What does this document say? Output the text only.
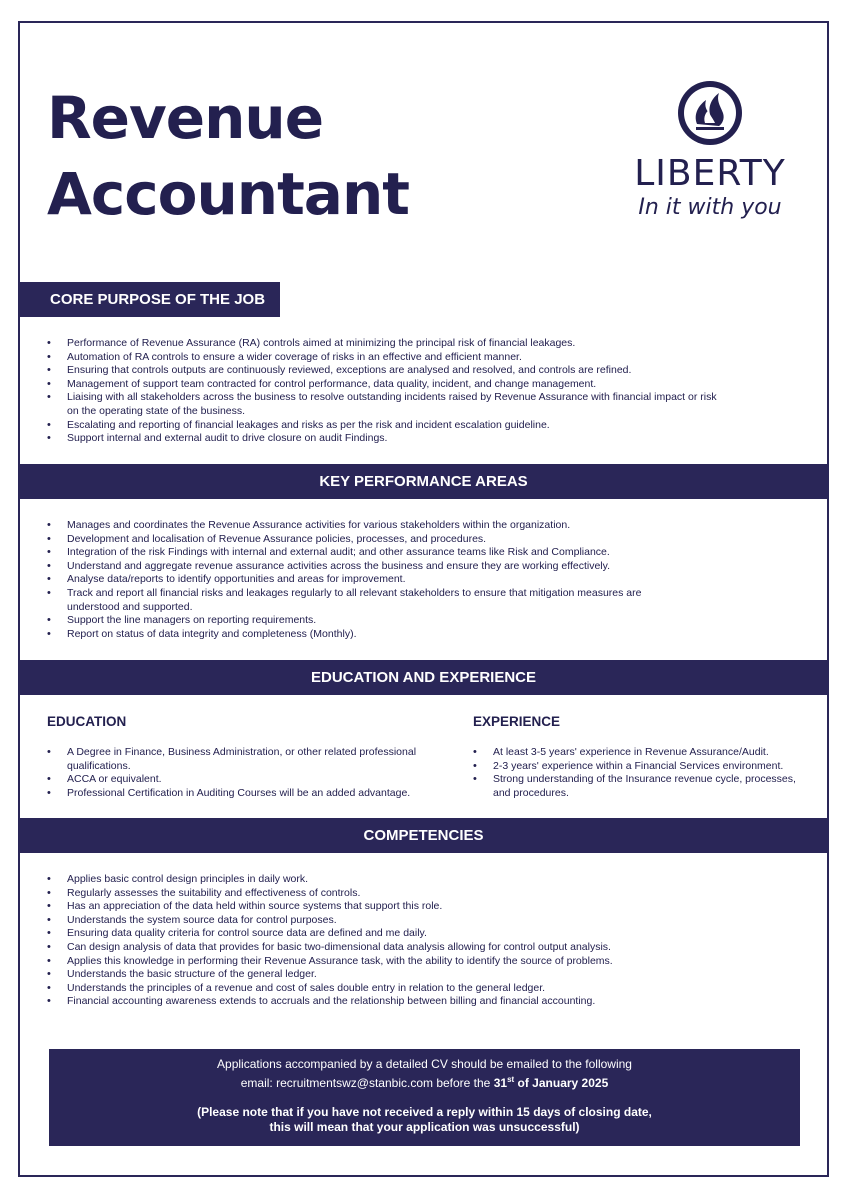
Revenue
Accountant	LIBERTY
In it with you
CORE PURPOSE OF THE JOB
• Performance of Revenue Assurance (RA) controls aimed at minimizing the principal risk of financial leakages.
• Automation of RA controls to ensure a wider coverage of risks in an effective and efficient manner.
• Ensuring that controls outputs are continuously reviewed, exceptions are analysed and resolved, and controls are refined.
• Management of support team contracted for control performance, data quality, incident, and change management.
• Liaising with all stakeholders across the business to resolve outstanding incidents raised by Revenue Assurance with financial impact or risk on the operating state of the business.
• Escalating and reporting of financial leakages and risks as per the risk and incident escalation guideline.
• Support internal and external audit to drive closure on audit Findings.
KEY PERFORMANCE AREAS
• Manages and coordinates the Revenue Assurance activities for various stakeholders within the organization.
• Development and localisation of Revenue Assurance policies, processes, and procedures.
• Integration of the risk Findings with internal and external audit; and other assurance teams like Risk and Compliance.
• Understand and aggregate revenue assurance activities across the business and ensure they are working effectively.
• Analyse data/reports to identify opportunities and areas for improvement.
• Track and report all financial risks and leakages regularly to all relevant stakeholders to ensure that mitigation measures are understood and supported.
• Support the line managers on reporting requirements.
• Report on status of data integrity and completeness (Monthly).
EDUCATION AND EXPERIENCE
EDUCATION
• A Degree in Finance, Business Administration, or other related professional qualifications.
• ACCA or equivalent.
• Professional Certification in Auditing Courses will be an added advantage.
EXPERIENCE
• At least 3-5 years' experience in Revenue Assurance/Audit.
• 2-3 years' experience within a Financial Services environment.
• Strong understanding of the Insurance revenue cycle, processes, and procedures.
COMPETENCIES
• Applies basic control design principles in daily work.
• Regularly assesses the suitability and effectiveness of controls.
• Has an appreciation of the data held within source systems that support this role.
• Understands the system source data for control purposes.
• Ensuring data quality criteria for control source data are defined and me daily.
• Can design analysis of data that provides for basic two-dimensional data analysis allowing for control output analysis.
• Applies this knowledge in performing their Revenue Assurance task, with the ability to identify the source of problems.
• Understands the basic structure of the general ledger.
• Understands the principles of a revenue and cost of sales double entry in relation to the general ledger.
• Financial accounting awareness extends to accruals and the relationship between billing and financial accounting.

Applications accompanied by a detailed CV should be emailed to the following

email: recruitmentswz@stanbic.com before the 31st of January 2025

(Please note that if you have not received a reply within 15 days of closing date,

this will mean that your application was unsuccessful)
